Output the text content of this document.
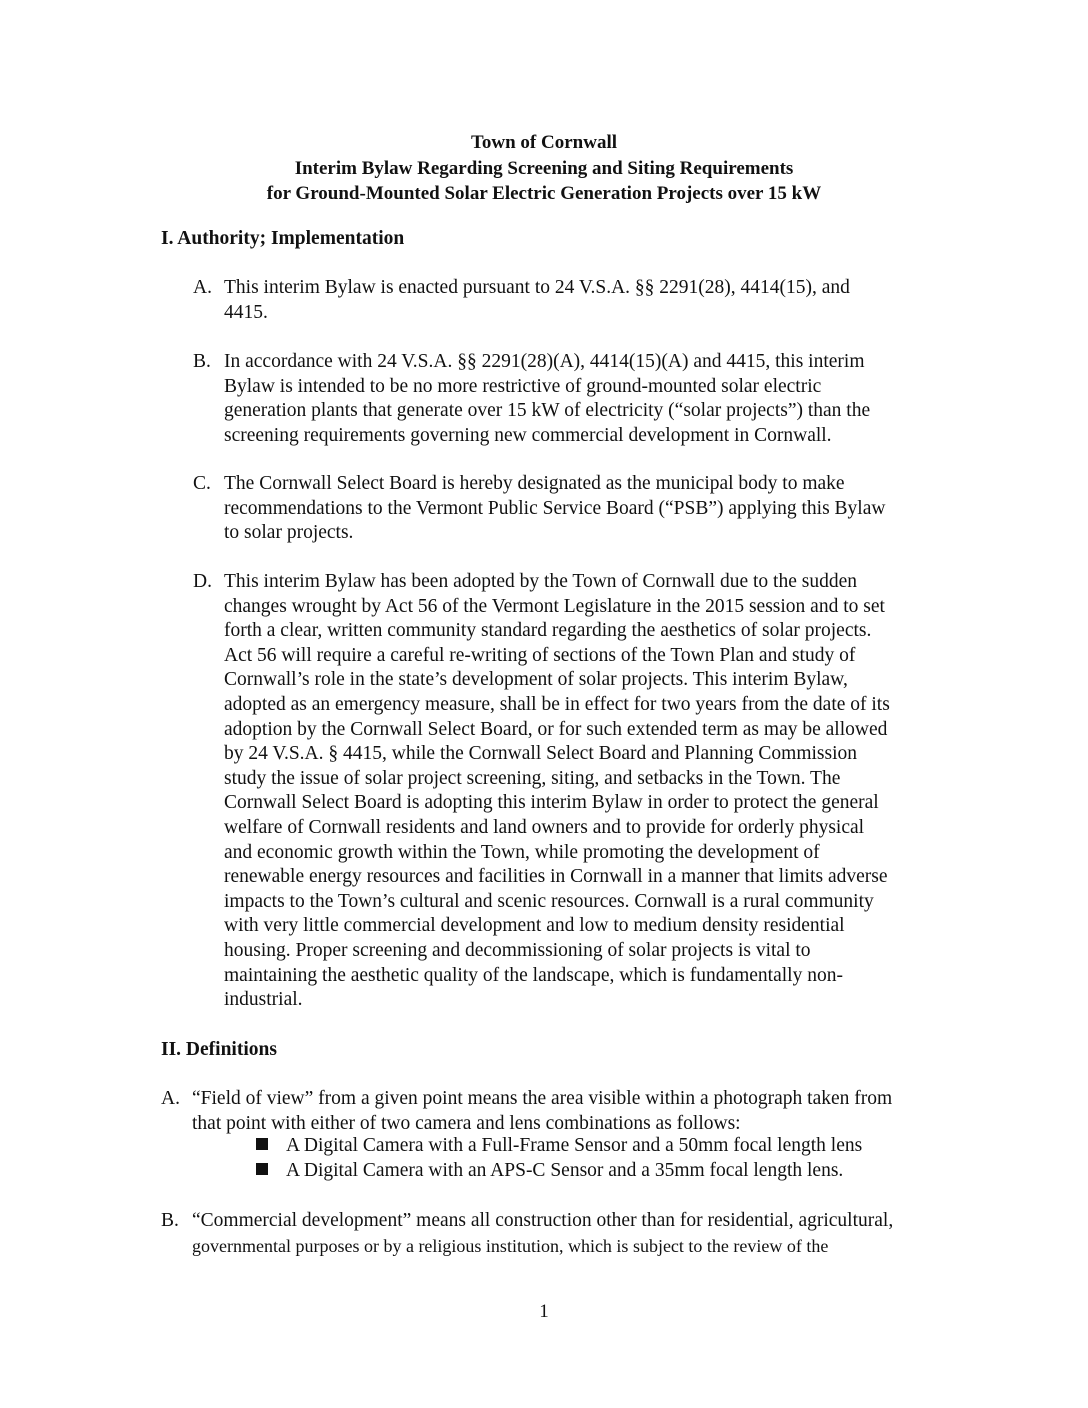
Town of Cornwall
Interim Bylaw Regarding Screening and Siting Requirements
for Ground-Mounted Solar Electric Generation Projects over 15 kW
I. Authority; Implementation
A. This interim Bylaw is enacted pursuant to 24 V.S.A. §§ 2291(28), 4414(15), and
4415.
B. In accordance with 24 V.S.A. §§ 2291(28)(A), 4414(15)(A) and 4415, this interim
Bylaw is intended to be no more restrictive of ground-mounted solar electric
generation plants that generate over 15 kW of electricity (“solar projects”) than the
screening requirements governing new commercial development in Cornwall.
C. The Cornwall Select Board is hereby designated as the municipal body to make
recommendations to the Vermont Public Service Board (“PSB”) applying this Bylaw
to solar projects.
D. This interim Bylaw has been adopted by the Town of Cornwall due to the sudden
changes wrought by Act 56 of the Vermont Legislature in the 2015 session and to set
forth a clear, written community standard regarding the aesthetics of solar projects.
Act 56 will require a careful re-writing of sections of the Town Plan and study of
Cornwall’s role in the state’s development of solar projects. This interim Bylaw,
adopted as an emergency measure, shall be in effect for two years from the date of its
adoption by the Cornwall Select Board, or for such extended term as may be allowed
by 24 V.S.A. § 4415, while the Cornwall Select Board and Planning Commission
study the issue of solar project screening, siting, and setbacks in the Town. The
Cornwall Select Board is adopting this interim Bylaw in order to protect the general
welfare of Cornwall residents and land owners and to provide for orderly physical
and economic growth within the Town, while promoting the development of
renewable energy resources and facilities in Cornwall in a manner that limits adverse
impacts to the Town’s cultural and scenic resources. Cornwall is a rural community
with very little commercial development and low to medium density residential
housing. Proper screening and decommissioning of solar projects is vital to
maintaining the aesthetic quality of the landscape, which is fundamentally non-
industrial.
II. Definitions
A. “Field of view” from a given point means the area visible within a photograph taken from
that point with either of two camera and lens combinations as follows:
A Digital Camera with a Full-Frame Sensor and a 50mm focal length lens
A Digital Camera with an APS-C Sensor and a 35mm focal length lens.
B. “Commercial development” means all construction other than for residential, agricultural,
governmental purposes or by a religious institution, which is subject to the review of the
1
